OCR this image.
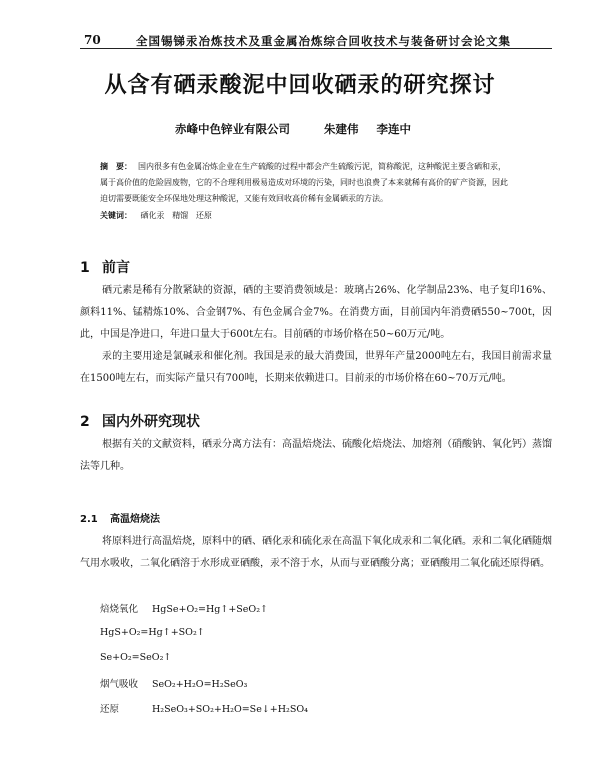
70	全国锡锑汞冶炼技术及重金属冶炼综合回收技术与装备研讨会论文集
从含有硒汞酸泥中回收硒汞的研究探讨
赤峰中色锌业有限公司	朱建伟 李连中
摘　要： 国内很多有色金属冶炼企业在生产硫酸的过程中都会产生硫酸污泥，简称酸泥，这种酸泥主要含硒和汞，属于高价值的危险固废物，它的不合理利用极易造成对环境的污染，同时也浪费了本来就稀有高价的矿产资源，因此迫切需要既能安全环保地处理这种酸泥，又能有效回收高价稀有金属硒汞的方法。
关键词： 硒化汞 精馏 还原
1 前言

硒元素是稀有分散紧缺的资源，硒的主要消费领域是：玻璃占26%、化学制品23%、电子复印16%、颜料11%、锰精炼10%、合金钢7%、有色金属合金7%。在消费方面，目前国内年消费硒550~700t，因此，中国是净进口，年进口量大于600t左右。目前硒的市场价格在50~60万元/吨。

汞的主要用途是氯碱汞和催化剂。我国是汞的最大消费国，世界年产量2000吨左右，我国目前需求量在1500吨左右，而实际产量只有700吨，长期来依赖进口。目前汞的市场价格在60~70万元/吨。

2 国内外研究现状

根据有关的文献资料，硒汞分离方法有：高温焙烧法、硫酸化焙烧法、加熔剂（硝酸钠、氧化钙）蒸馏法等几种。

2.1 高温焙烧法

将原料进行高温焙烧，原料中的硒、硒化汞和硫化汞在高温下氧化成汞和二氧化硒。汞和二氧化硒随烟气用水吸收，二氧化硒溶于水形成亚硒酸，汞不溶于水，从而与亚硒酸分离；亚硒酸用二氧化硫还原得硒。

焙烧氧化 HgSe+O₂=Hg↑+SeO₂↑
HgS+O₂=Hg↑+SO₂↑
Se+O₂=SeO₂↑
烟气吸收 SeO₂+H₂O=H₂SeO₃
还原	H₂SeO₃+SO₂+H₂O=Se↓+H₂SO₄
